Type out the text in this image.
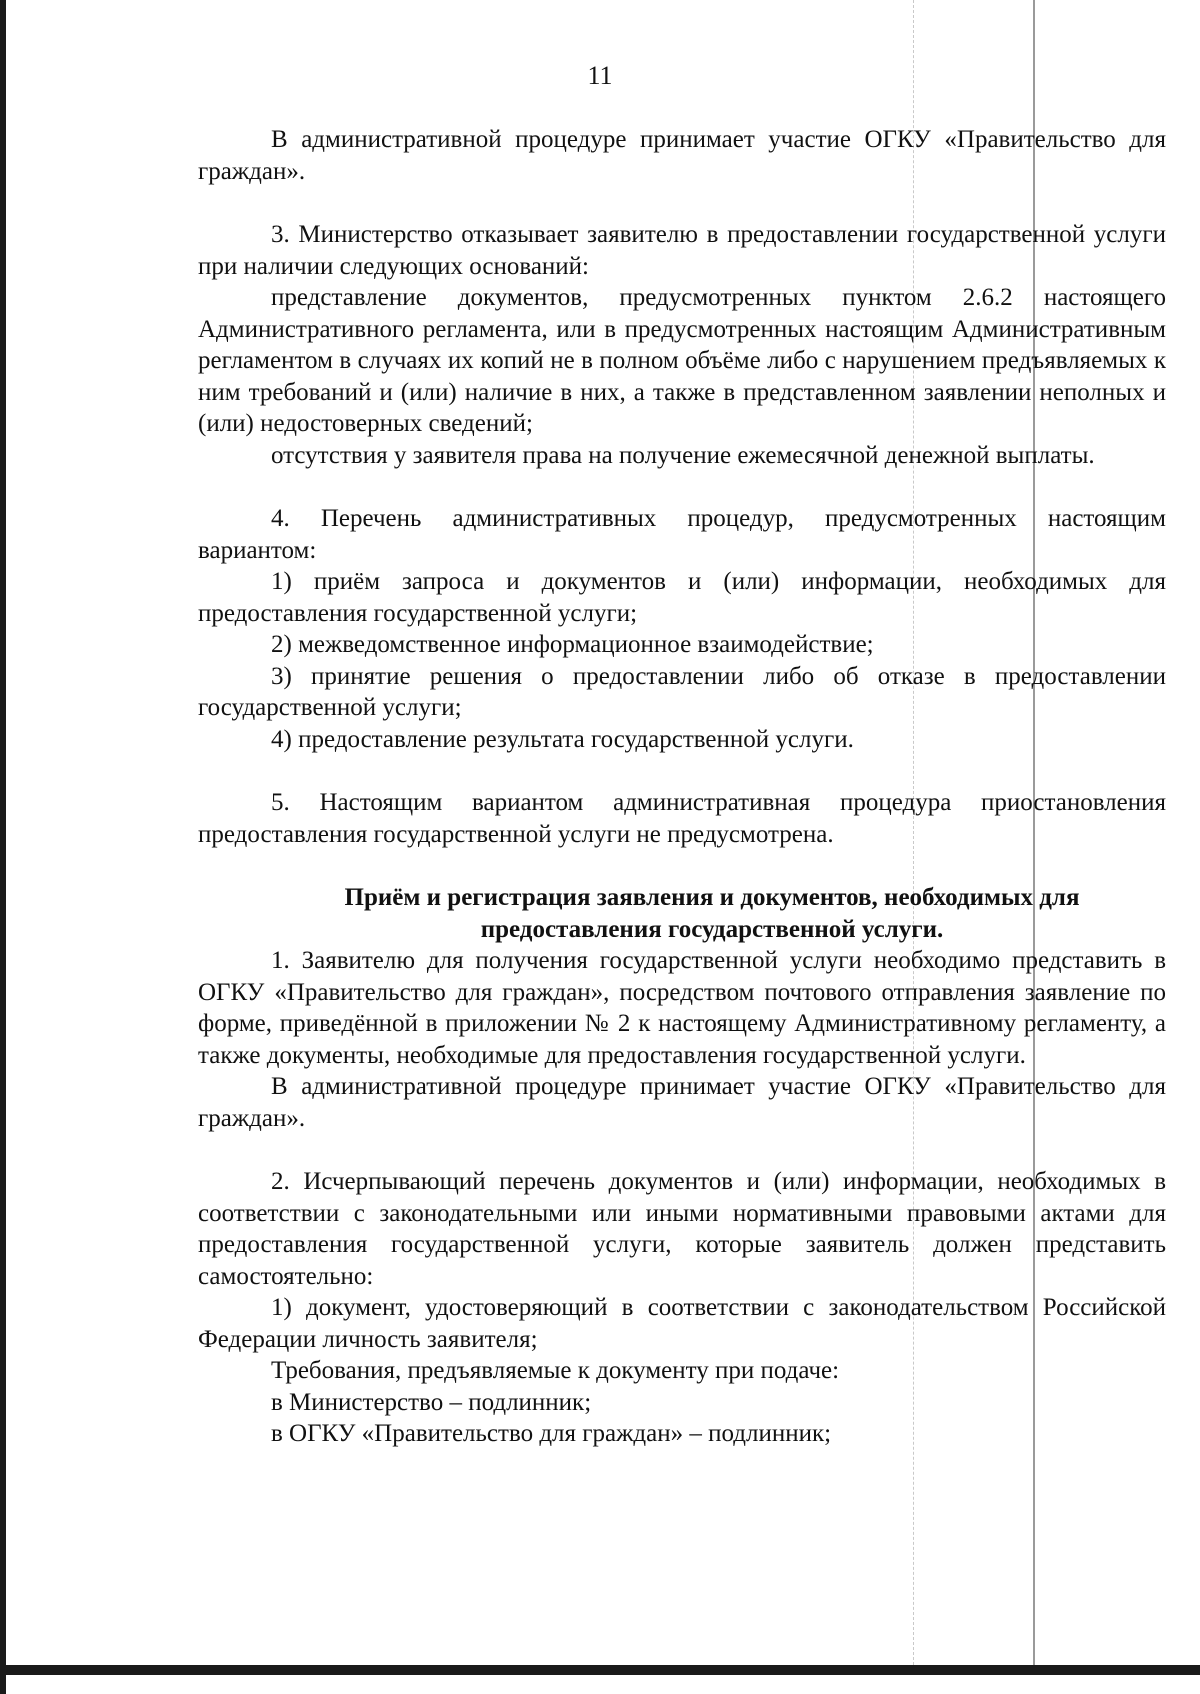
11

В административной процедуре принимает участие ОГКУ «Правительство для граждан».

3. Министерство отказывает заявителю в предоставлении государственной услуги при наличии следующих оснований:

представление документов, предусмотренных пунктом 2.6.2 настоящего Административного регламента, или в предусмотренных настоящим Административным регламентом в случаях их копий не в полном объёме либо с нарушением предъявляемых к ним требований и (или) наличие в них, а также в представленном заявлении неполных и (или) недостоверных сведений;

отсутствия у заявителя права на получение ежемесячной денежной выплаты.

4. Перечень административных процедур, предусмотренных настоящим вариантом:

1) приём запроса и документов и (или) информации, необходимых для предоставления государственной услуги;

2) межведомственное информационное взаимодействие;

3) принятие решения о предоставлении либо об отказе в предоставлении государственной услуги;

4) предоставление результата государственной услуги.

5. Настоящим вариантом административная процедура приостановления предоставления государственной услуги не предусмотрена.

Приём и регистрация заявления и документов, необходимых для предоставления государственной услуги.

1. Заявителю для получения государственной услуги необходимо представить в ОГКУ «Правительство для граждан», посредством почтового отправления заявление по форме, приведённой в приложении № 2 к настоящему Административному регламенту, а также документы, необходимые для предоставления государственной услуги.

В административной процедуре принимает участие ОГКУ «Правительство для граждан».

2. Исчерпывающий перечень документов и (или) информации, необходимых в соответствии с законодательными или иными нормативными правовыми актами для предоставления государственной услуги, которые заявитель должен представить самостоятельно:

1) документ, удостоверяющий в соответствии с законодательством Российской Федерации личность заявителя;

Требования, предъявляемые к документу при подаче:

в Министерство – подлинник;

в ОГКУ «Правительство для граждан» – подлинник;
